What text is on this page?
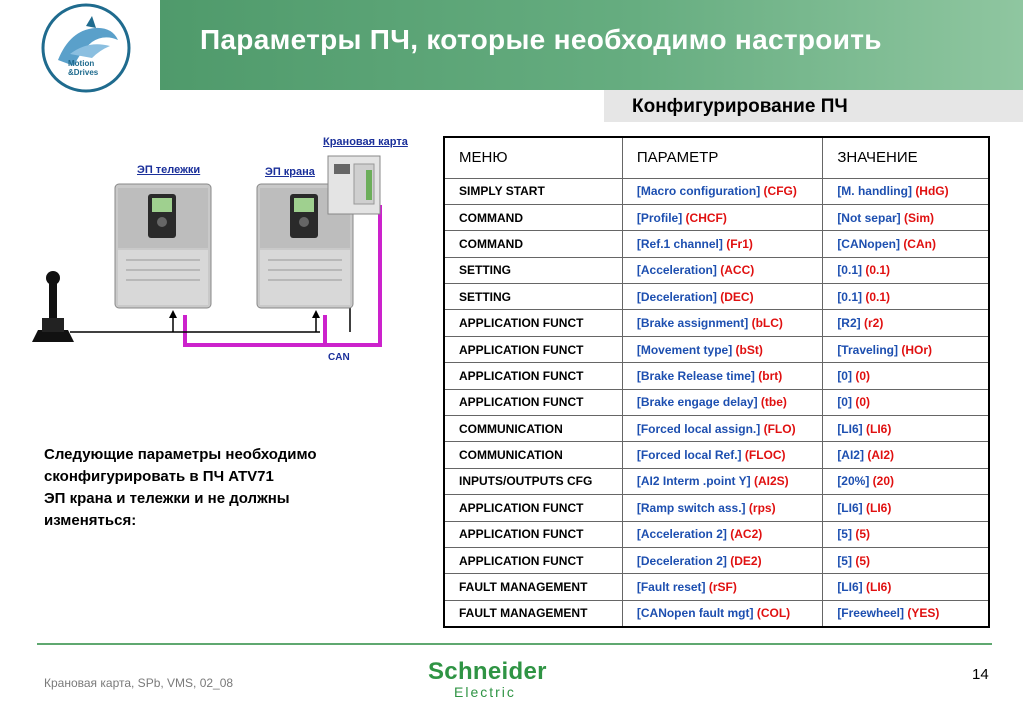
Motion
&Drives
Параметры ПЧ, которые необходимо настроить
Конфигурирование ПЧ
ЭП тележки	ЭП крана
Крановая карта
CAN
Следующие параметры необходимо
сконфигурировать в ПЧ ATV71
ЭП крана и тележки и не должны
изменяться:
МЕНЮ	ПАРАМЕТР	ЗНАЧЕНИЕ
SIMPLY START	[Macro configuration] (CFG)	[M. handling] (HdG)
COMMAND	[Profile] (CHCF)	[Not separ] (Sim)
COMMAND	[Ref.1 channel] (Fr1)	[CANopen] (CAn)
SETTING	[Acceleration] (ACC)	[0.1] (0.1)
SETTING	[Deceleration] (DEC)	[0.1] (0.1)
APPLICATION FUNCT	[Brake assignment] (bLC)	[R2] (r2)
APPLICATION FUNCT	[Movement type] (bSt)	[Traveling] (HOr)
APPLICATION FUNCT	[Brake Release time] (brt)	[0] (0)
APPLICATION FUNCT	[Brake engage delay] (tbe)	[0] (0)
COMMUNICATION	[Forced local assign.] (FLO)	[LI6] (LI6)
COMMUNICATION	[Forced local Ref.] (FLOC)	[AI2] (AI2)
INPUTS/OUTPUTS CFG	[AI2 Interm .point Y] (AI2S)	[20%] (20)
APPLICATION FUNCT	[Ramp switch ass.] (rps)	[LI6] (LI6)
APPLICATION FUNCT	[Acceleration 2] (AC2)	[5] (5)
APPLICATION FUNCT	[Deceleration 2] (DE2)	[5] (5)
FAULT MANAGEMENT	[Fault reset] (rSF)	[LI6] (LI6)
FAULT MANAGEMENT	[CANopen fault mgt] (COL)	[Freewheel] (YES)
Крановая карта, SPb, VMS, 02_08	Schneider
Electric
14
